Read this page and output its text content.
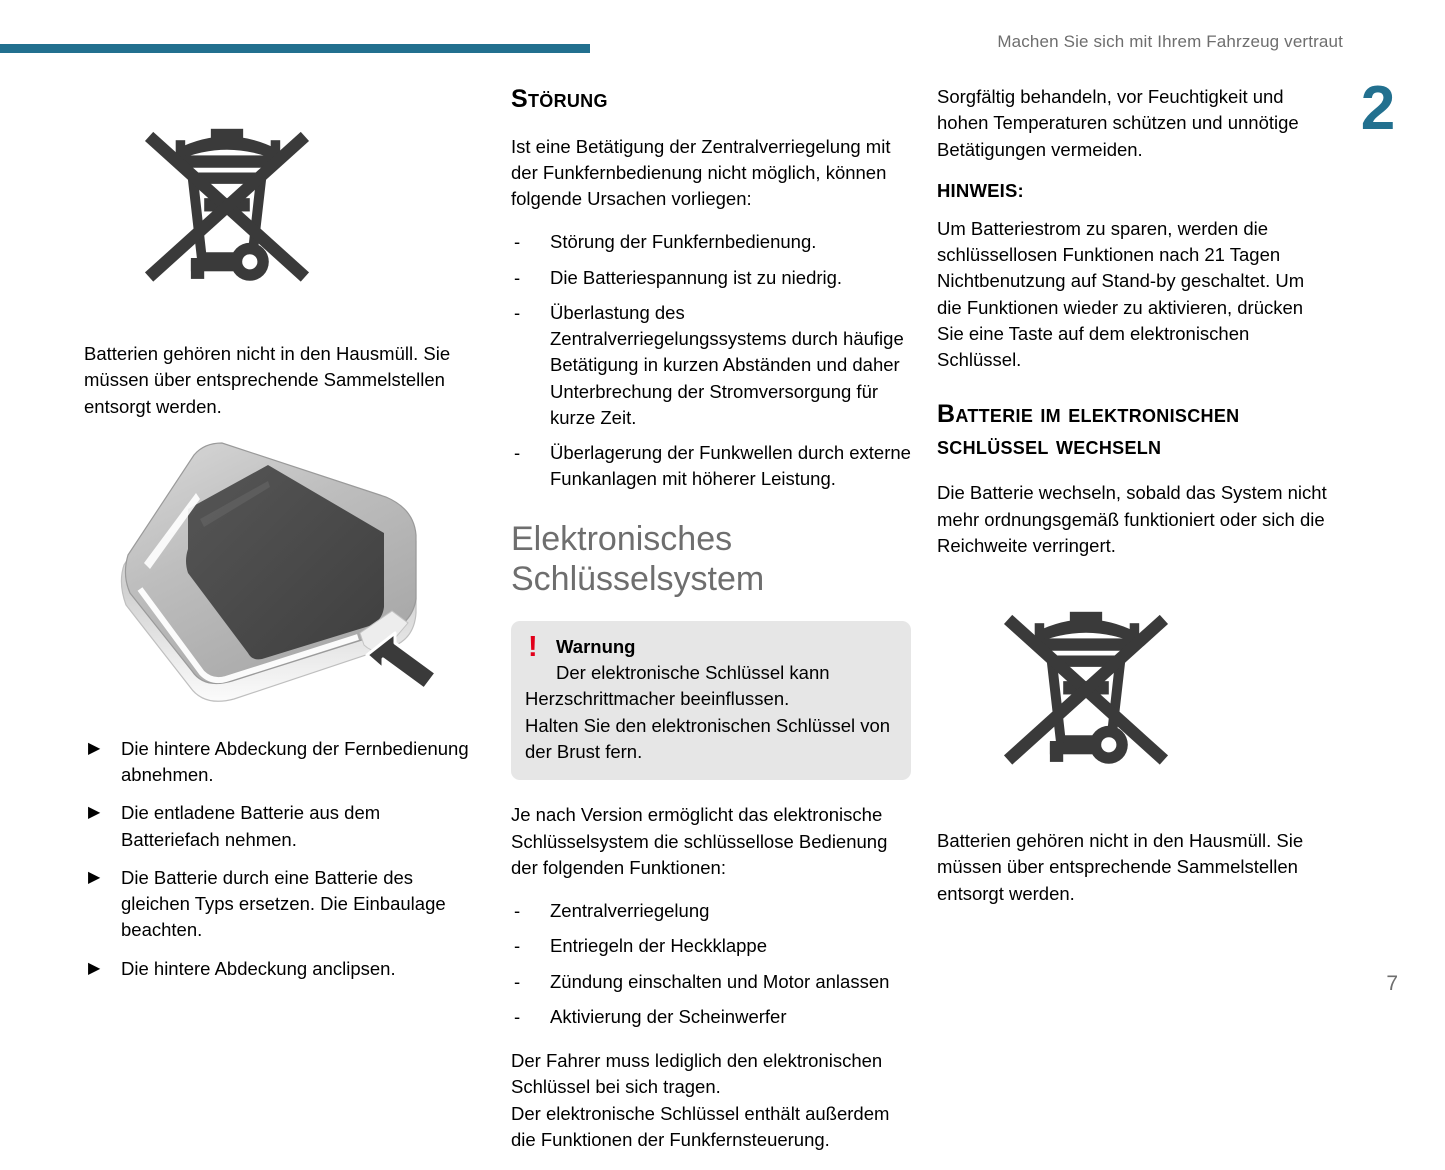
Machen Sie sich mit Ihrem Fahrzeug vertraut
2
7

Batterien gehören nicht in den Hausmüll. Sie müssen über entsprechende Sammelstellen entsorgt werden.

▶ Die hintere Abdeckung der Fernbedienung abnehmen.
▶ Die entladene Batterie aus dem Batteriefach nehmen.
▶ Die Batterie durch eine Batterie des gleichen Typs ersetzen. Die Einbaulage beachten.
▶ Die hintere Abdeckung anclipsen.
Störung

Ist eine Betätigung der Zentralverriegelung mit der Funkfernbedienung nicht möglich, können folgende Ursachen vorliegen:

- Störung der Funkfernbedienung.
- Die Batteriespannung ist zu niedrig.
- Überlastung des Zentralverriegelungssystems durch häufige Betätigung in kurzen Abständen und daher Unterbrechung der Stromversorgung für kurze Zeit.
- Überlagerung der Funkwellen durch externe Funkanlagen mit höherer Leistung.
Elektronisches Schlüsselsystem
! Warnung
Der elektronische Schlüssel kann
Herzschrittmacher beeinflussen.
Halten Sie den elektronischen Schlüssel von der Brust fern.

Je nach Version ermöglicht das elektronische Schlüsselsystem die schlüssellose Bedienung der folgenden Funktionen:

- Zentralverriegelung
- Entriegeln der Heckklappe
- Zündung einschalten und Motor anlassen
- Aktivierung der Scheinwerfer

Der Fahrer muss lediglich den elektronischen Schlüssel bei sich tragen.

Der elektronische Schlüssel enthält außerdem die Funktionen der Funkfernsteuerung.

Sorgfältig behandeln, vor Feuchtigkeit und hohen Temperaturen schützen und unnötige Betätigungen vermeiden.

HINWEIS:

Um Batteriestrom zu sparen, werden die schlüssellosen Funktionen nach 21 Tagen Nichtbenutzung auf Stand-by geschaltet. Um die Funktionen wieder zu aktivieren, drücken Sie eine Taste auf dem elektronischen Schlüssel.

Batterie im elektronischen schlüssel wechseln

Die Batterie wechseln, sobald das System nicht mehr ordnungsgemäß funktioniert oder sich die Reichweite verringert.

Batterien gehören nicht in den Hausmüll. Sie müssen über entsprechende Sammelstellen entsorgt werden.
